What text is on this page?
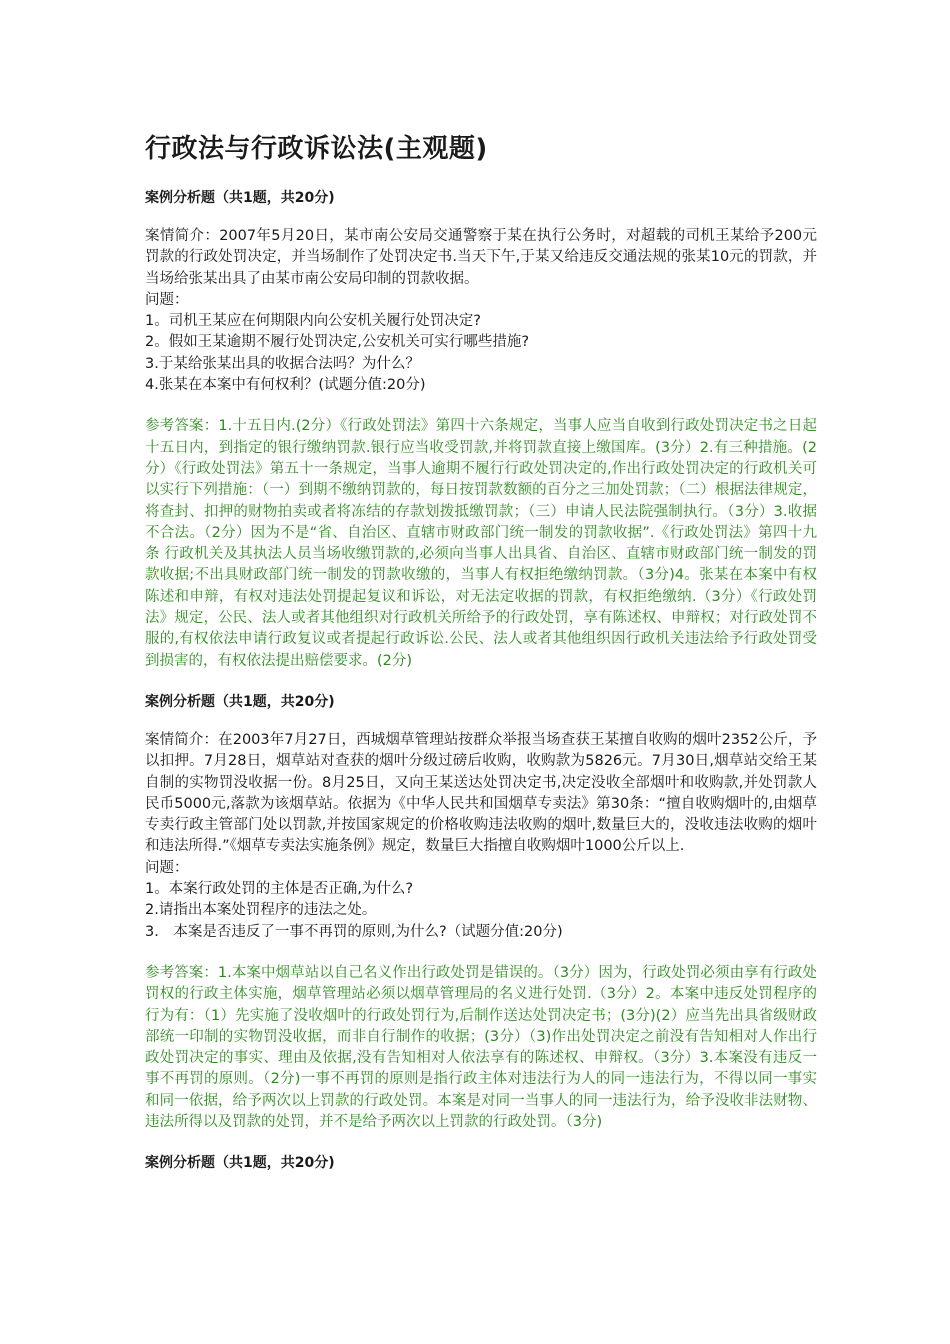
行政法与行政诉讼法(主观题)
案例分析题（共1题，共20分)
案情简介：2007年5月20日，某市南公安局交通警察于某在执行公务时，对超载的司机王某给予200元罚款的行政处罚决定，并当场制作了处罚决定书.当天下午,于某又给违反交通法规的张某10元的罚款，并当场给张某出具了由某市南公安局印制的罚款收据。
问题：
1。司机王某应在何期限内向公安机关履行处罚决定?
2。假如王某逾期不履行处罚决定,公安机关可实行哪些措施?
3.于某给张某出具的收据合法吗？为什么？
4.张某在本案中有何权利？(试题分值:20分)
参考答案：1.十五日内.(2分）《行政处罚法》第四十六条规定，当事人应当自收到行政处罚决定书之日起十五日内，到指定的银行缴纳罚款.银行应当收受罚款,并将罚款直接上缴国库。(3分）2.有三种措施。(2分）《行政处罚法》第五十一条规定，当事人逾期不履行行政处罚决定的,作出行政处罚决定的行政机关可以实行下列措施：（一）到期不缴纳罚款的，每日按罚款数额的百分之三加处罚款；（二）根据法律规定，将查封、扣押的财物拍卖或者将冻结的存款划拨抵缴罚款；（三）申请人民法院强制执行。（3分）3.收据不合法。（2分）因为不是“省、自治区、直辖市财政部门统一制发的罚款收据”.《行政处罚法》第四十九条 行政机关及其执法人员当场收缴罚款的,必须向当事人出具省、自治区、直辖市财政部门统一制发的罚款收据;不出具财政部门统一制发的罚款收缴的，当事人有权拒绝缴纳罚款。（3分)4。张某在本案中有权陈述和申辩，有权对违法处罚提起复议和诉讼，对无法定收据的罚款，有权拒绝缴纳.（3分）《行政处罚法》规定，公民、法人或者其他组织对行政机关所给予的行政处罚，享有陈述权、申辩权；对行政处罚不服的,有权依法申请行政复议或者提起行政诉讼.公民、法人或者其他组织因行政机关违法给予行政处罚受到损害的，有权依法提出赔偿要求。(2分)
案例分析题（共1题，共20分)
案情简介：在2003年7月27日，西城烟草管理站按群众举报当场查获王某擅自收购的烟叶2352公斤，予以扣押。7月28日，烟草站对查获的烟叶分级过磅后收购，收购款为5826元。7月30日,烟草站交给王某自制的实物罚没收据一份。8月25日，又向王某送达处罚决定书,决定没收全部烟叶和收购款,并处罚款人民币5000元,落款为该烟草站。依据为《中华人民共和国烟草专卖法》第30条：“擅自收购烟叶的,由烟草专卖行政主管部门处以罚款,并按国家规定的价格收购违法收购的烟叶,数量巨大的，没收违法收购的烟叶和违法所得.”《烟草专卖法实施条例》规定，数量巨大指擅自收购烟叶1000公斤以上.
问题：
1。本案行政处罚的主体是否正确,为什么?
2.请指出本案处罚程序的违法之处。
3.　本案是否违反了一事不再罚的原则,为什么?（试题分值:20分)
参考答案：1.本案中烟草站以自己名义作出行政处罚是错误的。（3分）因为，行政处罚必须由享有行政处罚权的行政主体实施，烟草管理站必须以烟草管理局的名义进行处罚.（3分）2。本案中违反处罚程序的行为有：（1）先实施了没收烟叶的行政处罚行为,后制作送达处罚决定书；(3分)(2）应当先出具省级财政部统一印制的实物罚没收据，而非自行制作的收据；(3分）（3)作出处罚决定之前没有告知相对人作出行政处罚决定的事实、理由及依据,没有告知相对人依法享有的陈述权、申辩权。（3分）3.本案没有违反一事不再罚的原则。（2分)一事不再罚的原则是指行政主体对违法行为人的同一违法行为，不得以同一事实和同一依据，给予两次以上罚款的行政处罚。本案是对同一当事人的同一违法行为，给予没收非法财物、违法所得以及罚款的处罚，并不是给予两次以上罚款的行政处罚。（3分)
案例分析题（共1题，共20分)
